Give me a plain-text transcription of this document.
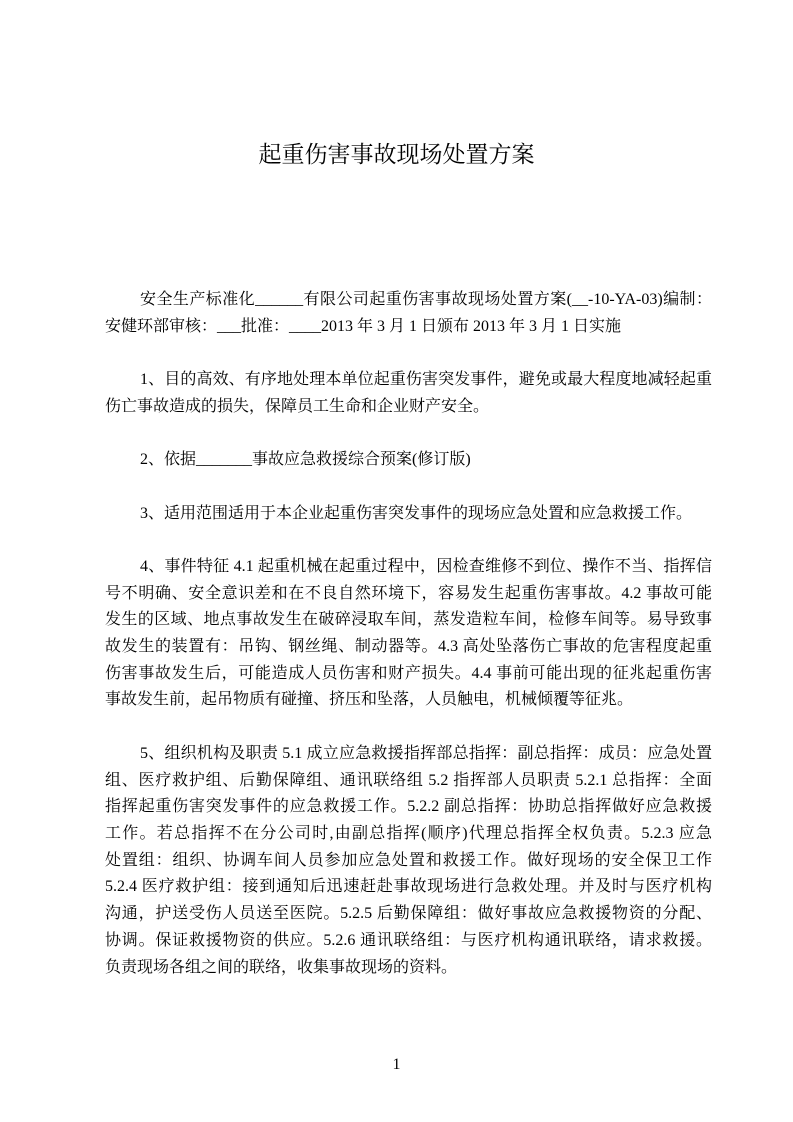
起重伤害事故现场处置方案
安全生产标准化______有限公司起重伤害事故现场处置方案(__-10-YA-03)编制：
安健环部审核：___批准：____2013 年 3 月 1 日颁布 2013 年 3 月 1 日实施
1、目的高效、有序地处理本单位起重伤害突发事件，避免或最大程度地减轻起重
伤亡事故造成的损失，保障员工生命和企业财产安全。
2、依据_______事故应急救援综合预案(修订版)
3、适用范围适用于本企业起重伤害突发事件的现场应急处置和应急救援工作。
4、事件特征 4.1 起重机械在起重过程中，因检查维修不到位、操作不当、指挥信
号不明确、安全意识差和在不良自然环境下，容易发生起重伤害事故。4.2 事故可能
发生的区域、地点事故发生在破碎浸取车间，蒸发造粒车间，检修车间等。易导致事
故发生的装置有：吊钩、钢丝绳、制动器等。4.3 高处坠落伤亡事故的危害程度起重
伤害事故发生后，可能造成人员伤害和财产损失。4.4 事前可能出现的征兆起重伤害
事故发生前，起吊物质有碰撞、挤压和坠落，人员触电，机械倾覆等征兆。
5、组织机构及职责 5.1 成立应急救援指挥部总指挥：副总指挥：成员：应急处置
组、医疗救护组、后勤保障组、通讯联络组 5.2 指挥部人员职责 5.2.1 总指挥：全面
指挥起重伤害突发事件的应急救援工作。5.2.2 副总指挥：协助总指挥做好应急救援
工作。若总指挥不在分公司时,由副总指挥(顺序)代理总指挥全权负责。5.2.3 应急
处置组：组织、协调车间人员参加应急处置和救援工作。做好现场的安全保卫工作
5.2.4 医疗救护组：接到通知后迅速赶赴事故现场进行急救处理。并及时与医疗机构
沟通，护送受伤人员送至医院。5.2.5 后勤保障组：做好事故应急救援物资的分配、
协调。保证救援物资的供应。5.2.6 通讯联络组：与医疗机构通讯联络，请求救援。
负责现场各组之间的联络，收集事故现场的资料。
1
